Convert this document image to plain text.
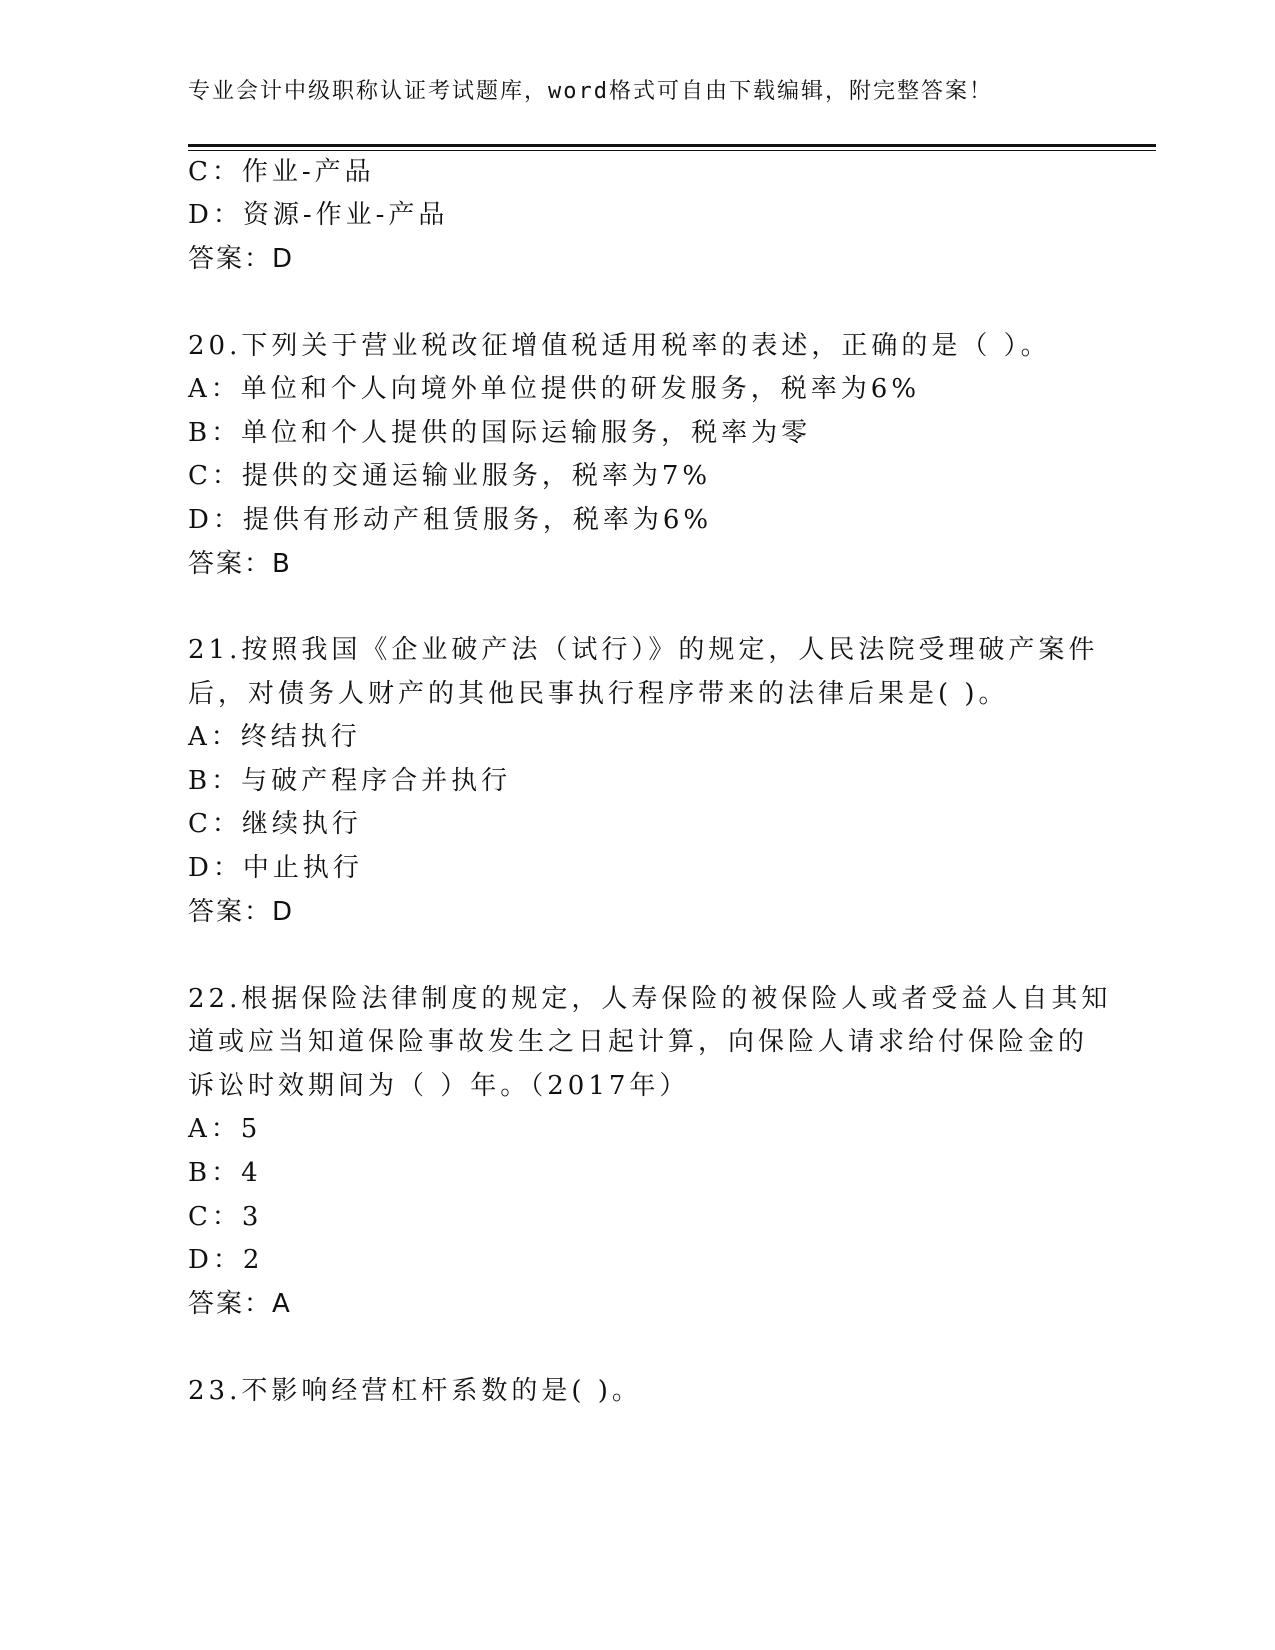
专业会计中级职称认证考试题库，word格式可自由下载编辑，附完整答案！
C：作业-产品
D：资源-作业-产品
答案：D
20.下列关于营业税改征增值税适用税率的表述，正确的是（ ）。
A：单位和个人向境外单位提供的研发服务，税率为6%
B：单位和个人提供的国际运输服务，税率为零
C：提供的交通运输业服务，税率为7%
D：提供有形动产租赁服务，税率为6%
答案：B
21.按照我国《企业破产法（试行）》的规定，人民法院受理破产案件
后，对债务人财产的其他民事执行程序带来的法律后果是( )。
A：终结执行
B：与破产程序合并执行
C：继续执行
D：中止执行
答案：D
22.根据保险法律制度的规定，人寿保险的被保险人或者受益人自其知
道或应当知道保险事故发生之日起计算，向保险人请求给付保险金的
诉讼时效期间为（ ）年。（2017年）
A：5
B：4
C：3
D：2
答案：A
23.不影响经营杠杆系数的是( )。
